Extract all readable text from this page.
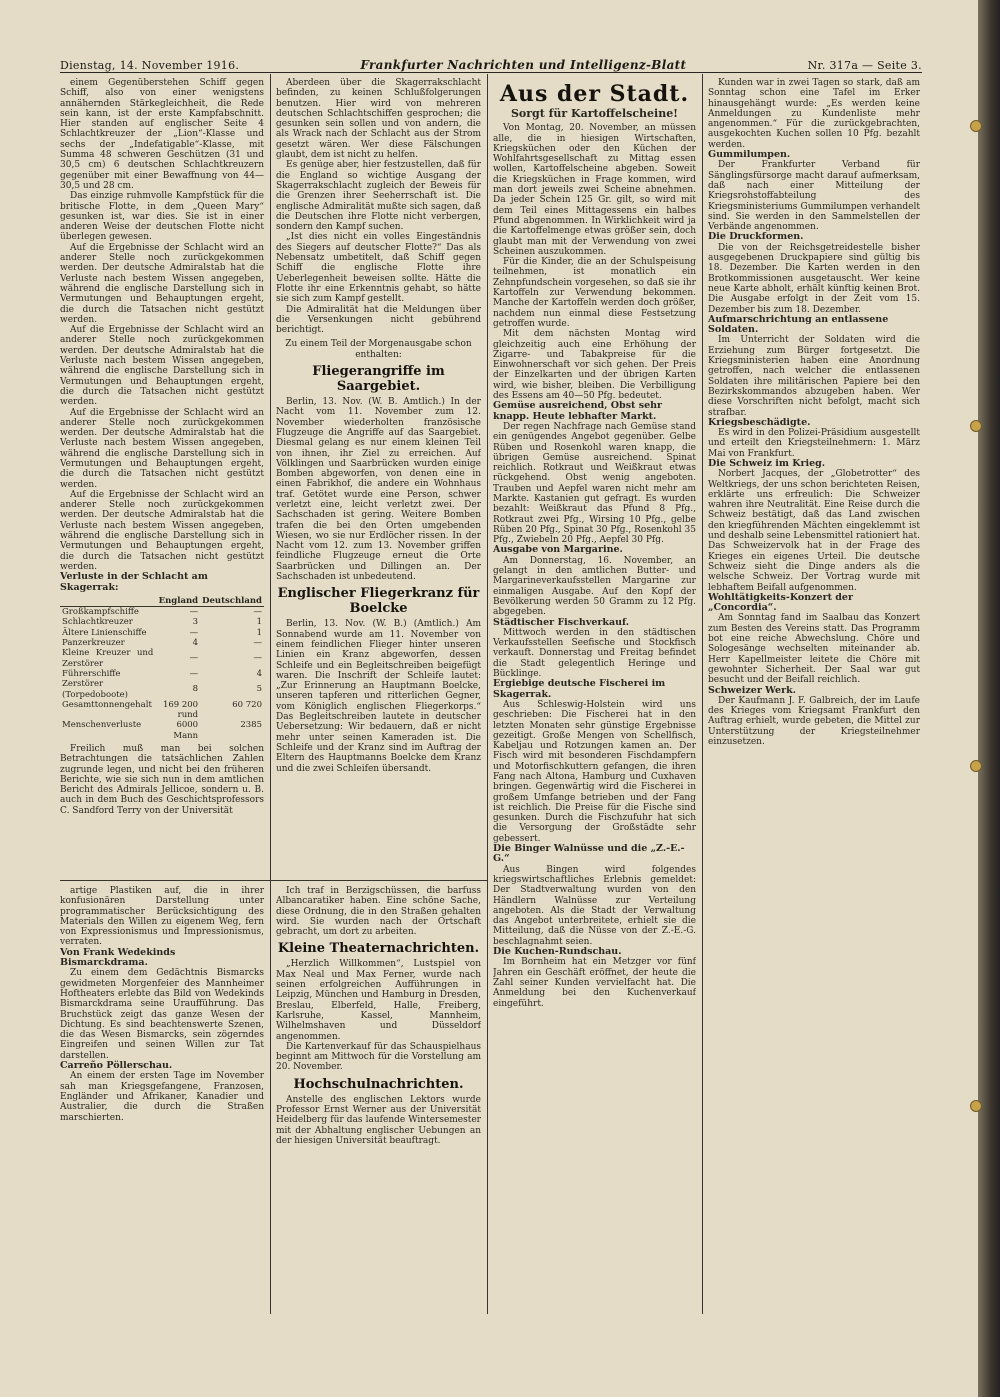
Dienstag, 14. November 1916.	Frankfurter Nachrichten und Intelligenz-Blatt	Nr. 317a — Seite 3.

einem Gegenüberstehen Schiff gegen Schiff, also von einer wenigstens annähernden Stärkegleichheit, die Rede sein kann, ist der erste Kampfabschnitt. Hier standen auf englischer Seite 4 Schlachtkreuzer der „Lion“-Klasse und sechs der „Indefatigable“-Klasse, mit Summa 48 schweren Geschützen (31 und 30,5 cm) 6 deutschen Schlachtkreuzern gegenüber mit einer Bewaffnung von 44—30,5 und 28 cm.

Das einzige ruhmvolle Kampfstück für die britische Flotte, in dem „Queen Mary“ gesunken ist, war dies. Sie ist in einer anderen Weise der deutschen Flotte nicht überlegen gewesen.

Auf die Ergebnisse der Schlacht wird an anderer Stelle noch zurückgekommen werden. Der deutsche Admiralstab hat die Verluste nach bestem Wissen angegeben, während die englische Darstellung sich in Vermutungen und Behauptungen ergeht, die durch die Tatsachen nicht gestützt werden.

Auf die Ergebnisse der Schlacht wird an anderer Stelle noch zurückgekommen werden. Der deutsche Admiralstab hat die Verluste nach bestem Wissen angegeben, während die englische Darstellung sich in Vermutungen und Behauptungen ergeht, die durch die Tatsachen nicht gestützt werden.

Auf die Ergebnisse der Schlacht wird an anderer Stelle noch zurückgekommen werden. Der deutsche Admiralstab hat die Verluste nach bestem Wissen angegeben, während die englische Darstellung sich in Vermutungen und Behauptungen ergeht, die durch die Tatsachen nicht gestützt werden.

Auf die Ergebnisse der Schlacht wird an anderer Stelle noch zurückgekommen werden. Der deutsche Admiralstab hat die Verluste nach bestem Wissen angegeben, während die englische Darstellung sich in Vermutungen und Behauptungen ergeht, die durch die Tatsachen nicht gestützt werden.

Verluste in der Schlacht am Skagerrak:

	England	Deutschland
Großkampfschiffe	—	—
Schlachtkreuzer	3	1
Ältere Linienschiffe	—	1
Panzerkreuzer	4	—
Kleine Kreuzer und Zerstörer	—	—
Führerschiffe	—	4
Zerstörer (Torpedoboote)	8	5
Gesamttonnengehalt	169 200	60 720
Menschenverluste	rund 6000 Mann	2385

Freilich muß man bei solchen Betrachtungen die tatsächlichen Zahlen zugrunde legen, und nicht bei den früheren Berichte, wie sie sich nun in dem amtlichen Bericht des Admirals Jellicoe, sondern u. B. auch in dem Buch des Geschichtsprofessors C. Sandford Terry von der Universität

Aberdeen über die Skagerrakschlacht befinden, zu keinen Schlußfolgerungen benutzen. Hier wird von mehreren deutschen Schlachtschiffen gesprochen; die gesunken sein sollen und von andern, die als Wrack nach der Schlacht aus der Strom gesetzt wären. Wer diese Fälschungen glaubt, dem ist nicht zu helfen.

Es genüge aber, hier festzustellen, daß für die England so wichtige Ausgang der Skagerrakschlacht zugleich der Beweis für die Grenzen ihrer Seeherrschaft ist. Die englische Admiralität mußte sich sagen, daß die Deutschen ihre Flotte nicht verbergen, sondern den Kampf suchen.

„Ist dies nicht ein volles Eingeständnis des Siegers auf deutscher Flotte?“ Das als Nebensatz umbetitelt, daß Schiff gegen Schiff die englische Flotte ihre Ueberlegenheit beweisen sollte. Hätte die Flotte ihr eine Erkenntnis gehabt, so hätte sie sich zum Kampf gestellt.

Die Admiralität hat die Meldungen über die Versenkungen nicht gebührend berichtigt.

Zu einem Teil der Morgenausgabe schon enthalten:
Fliegerangriffe im Saargebiet.

Berlin, 13. Nov. (W. B. Amtlich.) In der Nacht vom 11. November zum 12. November wiederholten französische Flugzeuge die Angriffe auf das Saargebiet. Diesmal gelang es nur einem kleinen Teil von ihnen, ihr Ziel zu erreichen. Auf Völklingen und Saarbrücken wurden einige Bomben abgeworfen, von denen eine in einen Fabrikhof, die andere ein Wohnhaus traf. Getötet wurde eine Person, schwer verletzt eine, leicht verletzt zwei. Der Sachschaden ist gering. Weitere Bomben trafen die bei den Orten umgebenden Wiesen, wo sie nur Erdlöcher rissen. In der Nacht vom 12. zum 13. November griffen feindliche Flugzeuge erneut die Orte Saarbrücken und Dillingen an. Der Sachschaden ist unbedeutend.

Englischer Fliegerkranz für Boelcke

Berlin, 13. Nov. (W. B.) (Amtlich.) Am Sonnabend wurde am 11. November von einem feindlichen Flieger hinter unseren Linien ein Kranz abgeworfen, dessen Schleife und ein Begleitschreiben beigefügt waren. Die Inschrift der Schleife lautet: „Zur Erinnerung an Hauptmann Boelcke, unseren tapferen und ritterlichen Gegner, vom Königlich englischen Fliegerkorps.“ Das Begleitschreiben lautete in deutscher Uebersetzung: Wir bedauern, daß er nicht mehr unter seinen Kameraden ist. Die Schleife und der Kranz sind im Auftrag der Eltern des Hauptmanns Boelcke dem Kranz und die zwei Schleifen übersandt.

Aus der Stadt.
Sorgt für Kartoffelscheine!

Von Montag, 20. November, an müssen alle, die in hiesigen Wirtschaften, Kriegsküchen oder den Küchen der Wohlfahrtsgesellschaft zu Mittag essen wollen, Kartoffelscheine abgeben. Soweit die Kriegsküchen in Frage kommen, wird man dort jeweils zwei Scheine abnehmen. Da jeder Schein 125 Gr. gilt, so wird mit dem Teil eines Mittagessens ein halbes Pfund abgenommen. In Wirklichkeit wird ja die Kartoffelmenge etwas größer sein, doch glaubt man mit der Verwendung von zwei Scheinen auszukommen.

Für die Kinder, die an der Schulspeisung teilnehmen, ist monatlich ein Zehnpfundschein vorgesehen, so daß sie ihr Kartoffeln zur Verwendung bekommen. Manche der Kartoffeln werden doch größer, nachdem nun einmal diese Festsetzung getroffen wurde.

Mit dem nächsten Montag wird gleichzeitig auch eine Erhöhung der Zigarre- und Tabakpreise für die Einwohnerschaft vor sich gehen. Der Preis der Einzelkarten und der übrigen Karten wird, wie bisher, bleiben. Die Verbilligung des Essens am 40—50 Pfg. bedeutet.

Gemüse ausreichend, Obst sehr knapp. Heute lebhafter Markt.

Der regen Nachfrage nach Gemüse stand ein genügendes Angebot gegenüber. Gelbe Rüben und Rosenkohl waren knapp, die übrigen Gemüse ausreichend. Spinat reichlich. Rotkraut und Weißkraut etwas rückgehend. Obst wenig angeboten. Trauben und Aepfel waren nicht mehr am Markte. Kastanien gut gefragt. Es wurden bezahlt: Weißkraut das Pfund 8 Pfg., Rotkraut zwei Pfg., Wirsing 10 Pfg., gelbe Rüben 20 Pfg., Spinat 30 Pfg., Rosenkohl 35 Pfg., Zwiebeln 20 Pfg., Aepfel 30 Pfg.

Ausgabe von Margarine.

Am Donnerstag, 16. November, an gelangt in den amtlichen Butter- und Margarineverkaufsstellen Margarine zur einmaligen Ausgabe. Auf den Kopf der Bevölkerung werden 50 Gramm zu 12 Pfg. abgegeben.

Städtischer Fischverkauf.

Mittwoch werden in den städtischen Verkaufsstellen Seefische und Stockfisch verkauft. Donnerstag und Freitag befindet die Stadt gelegentlich Heringe und Bücklinge.

Ergiebige deutsche Fischerei im Skagerrak.

Aus Schleswig-Holstein wird uns geschrieben: Die Fischerei hat in den letzten Monaten sehr günstige Ergebnisse gezeitigt. Große Mengen von Schellfisch, Kabeljau und Rotzungen kamen an. Der Fisch wird mit besonderen Fischdampfern und Motorfischkuttern gefangen, die ihren Fang nach Altona, Hamburg und Cuxhaven bringen. Gegenwärtig wird die Fischerei in großem Umfange betrieben und der Fang ist reichlich. Die Preise für die Fische sind gesunken. Durch die Fischzufuhr hat sich die Versorgung der Großstädte sehr gebessert.

Die Binger Walnüsse und die „Z.-E.-G.“

Aus Bingen wird folgendes kriegswirtschaftliches Erlebnis gemeldet: Der Stadtverwaltung wurden von den Händlern Walnüsse zur Verteilung angeboten. Als die Stadt der Verwaltung das Angebot unterbreitete, erhielt sie die Mitteilung, daß die Nüsse von der Z.-E.-G. beschlagnahmt seien.

Die Kuchen-Rundschau.

Im Bornheim hat ein Metzger vor fünf Jahren ein Geschäft eröffnet, der heute die Zahl seiner Kunden vervielfacht hat. Die Anmeldung bei den Kuchenverkauf eingeführt.

Kunden war in zwei Tagen so stark, daß am Sonntag schon eine Tafel im Erker hinausgehängt wurde: „Es werden keine Anmeldungen zu Kundenliste mehr angenommen.“ Für die zurückgebrachten, ausgekochten Kuchen sollen 10 Pfg. bezahlt werden.

Gummilumpen.

Der Frankfurter Verband für Sänglingsfürsorge macht darauf aufmerksam, daß nach einer Mitteilung der Kriegsrohstoffabteilung des Kriegsministeriums Gummilumpen verhandelt sind. Sie werden in den Sammelstellen der Verbände angenommen.

Die Druckformen.

Die von der Reichsgetreidestelle bisher ausgegebenen Druckpapiere sind gültig bis 18. Dezember. Die Karten werden in den Brotkommissionen ausgetauscht. Wer keine neue Karte abholt, erhält künftig keinen Brot. Die Ausgabe erfolgt in der Zeit vom 15. Dezember bis zum 18. Dezember.

Aufmarschrichtung an entlassene Soldaten.

Im Unterricht der Soldaten wird die Erziehung zum Bürger fortgesetzt. Die Kriegsministerien haben eine Anordnung getroffen, nach welcher die entlassenen Soldaten ihre militärischen Papiere bei den Bezirkskommandos abzugeben haben. Wer diese Vorschriften nicht befolgt, macht sich strafbar.

Kriegsbeschädigte.

Es wird in den Polizei-Präsidium ausgestellt und erteilt den Kriegsteilnehmern: 1. März Mai von Frankfurt.

Die Schweiz im Krieg.

Norbert Jacques, der „Globetrotter“ des Weltkriegs, der uns schon berichteten Reisen, erklärte uns erfreulich: Die Schweizer wahren ihre Neutralität. Eine Reise durch die Schweiz bestätigt, daß das Land zwischen den kriegführenden Mächten eingeklemmt ist und deshalb seine Lebensmittel rationiert hat. Das Schweizervolk hat in der Frage des Krieges ein eigenes Urteil. Die deutsche Schweiz sieht die Dinge anders als die welsche Schweiz. Der Vortrag wurde mit lebhaftem Beifall aufgenommen.

Wohltätigkeits-Konzert der „Concordia“.

Am Sonntag fand im Saalbau das Konzert zum Besten des Vereins statt. Das Programm bot eine reiche Abwechslung. Chöre und Sologesänge wechselten miteinander ab. Herr Kapellmeister leitete die Chöre mit gewohnter Sicherheit. Der Saal war gut besucht und der Beifall reichlich.

Schweizer Werk.

Der Kaufmann J. F. Galbreich, der im Laufe des Krieges vom Kriegsamt Frankfurt den Auftrag erhielt, wurde gebeten, die Mittel zur Unterstützung der Kriegsteilnehmer einzusetzen.

artige Plastiken auf, die in ihrer konfusionären Darstellung unter programmatischer Berücksichtigung des Materials den Willen zu eigenem Weg, fern von Expressionismus und Impressionismus, verraten.

Von Frank Wedekinds Bismarckdrama.

Zu einem dem Gedächtnis Bismarcks gewidmeten Morgenfeier des Mannheimer Hoftheaters erlebte das Bild von Wedekinds Bismarckdrama seine Uraufführung. Das Bruchstück zeigt das ganze Wesen der Dichtung. Es sind beachtenswerte Szenen, die das Wesen Bismarcks, sein zögerndes Eingreifen und seinen Willen zur Tat darstellen.

Carreño Pöllerschau.

An einem der ersten Tage im November sah man Kriegsgefangene, Franzosen, Engländer und Afrikaner, Kanadier und Australier, die durch die Straßen marschierten.

Ich traf in Berzigschüssen, die barfuss Albancaratiker haben. Eine schöne Sache, diese Ordnung, die in den Straßen gehalten wird. Sie wurden nach der Ortschaft gebracht, um dort zu arbeiten.

Kleine Theaternachrichten.

„Herzlich Willkommen“, Lustspiel von Max Neal und Max Ferner, wurde nach seinen erfolgreichen Aufführungen in Leipzig, München und Hamburg in Dresden, Breslau, Elberfeld, Halle, Freiberg, Karlsruhe, Kassel, Mannheim, Wilhelmshaven und Düsseldorf angenommen.

Die Kartenverkauf für das Schauspielhaus beginnt am Mittwoch für die Vorstellung am 20. November.

Hochschulnachrichten.

Anstelle des englischen Lektors wurde Professor Ernst Werner aus der Universität Heidelberg für das laufende Wintersemester mit der Abhaltung englischer Uebungen an der hiesigen Universität beauftragt.
